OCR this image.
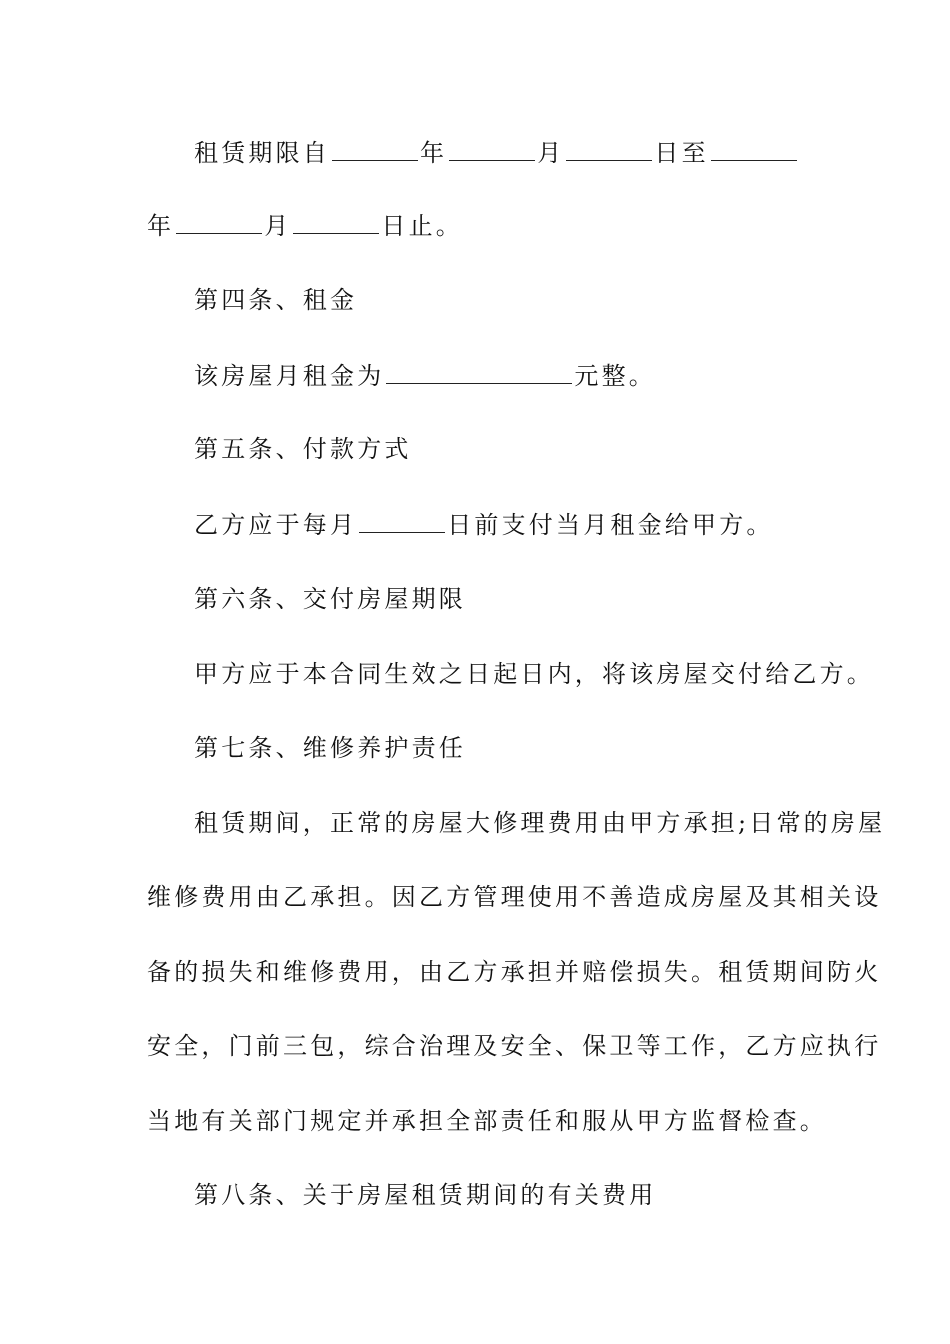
租赁期限自	年	月	日至
年	月	日止。
第四条、租金
该房屋月租金为	元整。
第五条、付款方式
乙方应于每月	日前支付当月租金给甲方。
第六条、交付房屋期限
甲方应于本合同生效之日起日内，将该房屋交付给乙方。
第七条、维修养护责任
租赁期间，正常的房屋大修理费用由甲方承担;日常的房屋
维修费用由乙承担。因乙方管理使用不善造成房屋及其相关设
备的损失和维修费用，由乙方承担并赔偿损失。租赁期间防火
安全，门前三包，综合治理及安全、保卫等工作，乙方应执行
当地有关部门规定并承担全部责任和服从甲方监督检查。
第八条、关于房屋租赁期间的有关费用
